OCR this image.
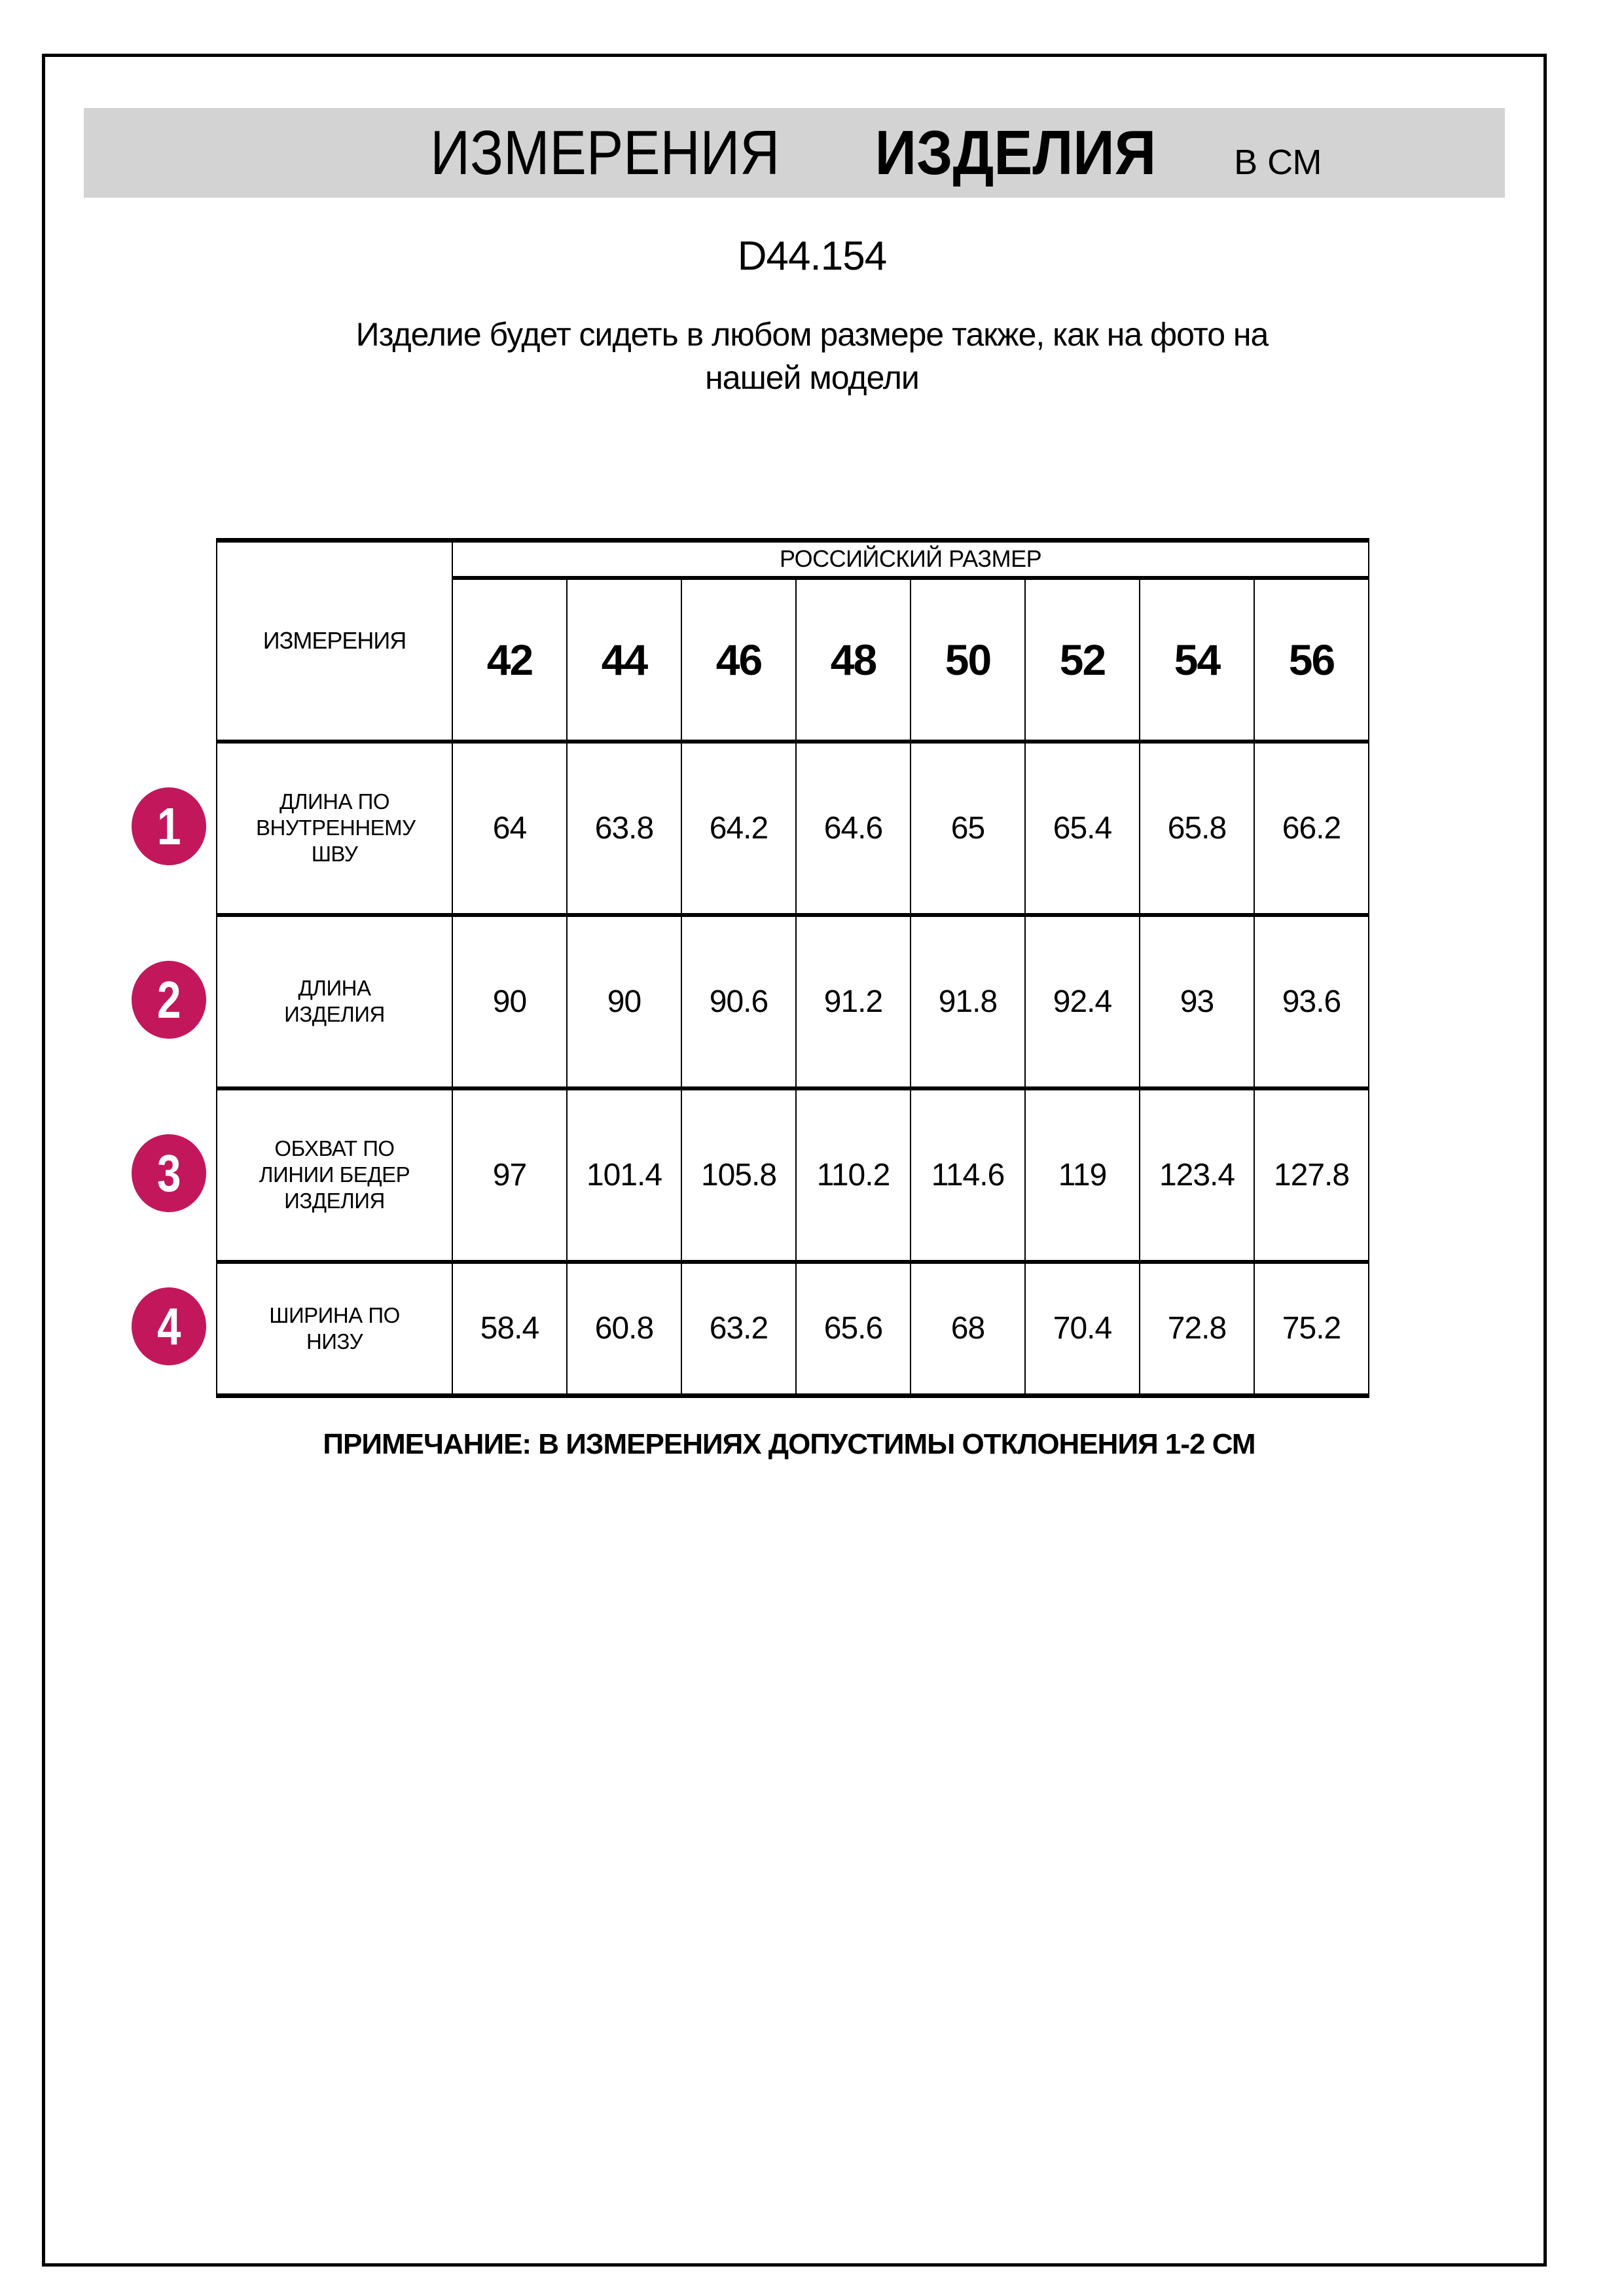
ИЗМЕРЕНИЯ ИЗДЕЛИЯ В СМ
D44.154
Изделие будет сидеть в любом размере также, как на фото на
нашей модели
ИЗМЕРЕНИЯ	РОССИЙСКИЙ РАЗМЕР							
	42	44	46	48	50	52	54	56
ДЛИНА ПО ВНУТРЕННЕМУ ШВУ	64	63.8	64.2	64.6	65	65.4	65.8	66.2
ДЛИНА ИЗДЕЛИЯ	90	90	90.6	91.2	91.8	92.4	93	93.6
ОБХВАТ ПО ЛИНИИ БЕДЕР ИЗДЕЛИЯ	97	101.4	105.8	110.2	114.6	119	123.4	127.8
ШИРИНА ПО НИЗУ	58.4	60.8	63.2	65.6	68	70.4	72.8	75.2
1
2
3
4
ПРИМЕЧАНИЕ: В ИЗМЕРЕНИЯХ ДОПУСТИМЫ ОТКЛОНЕНИЯ 1-2 СМ
